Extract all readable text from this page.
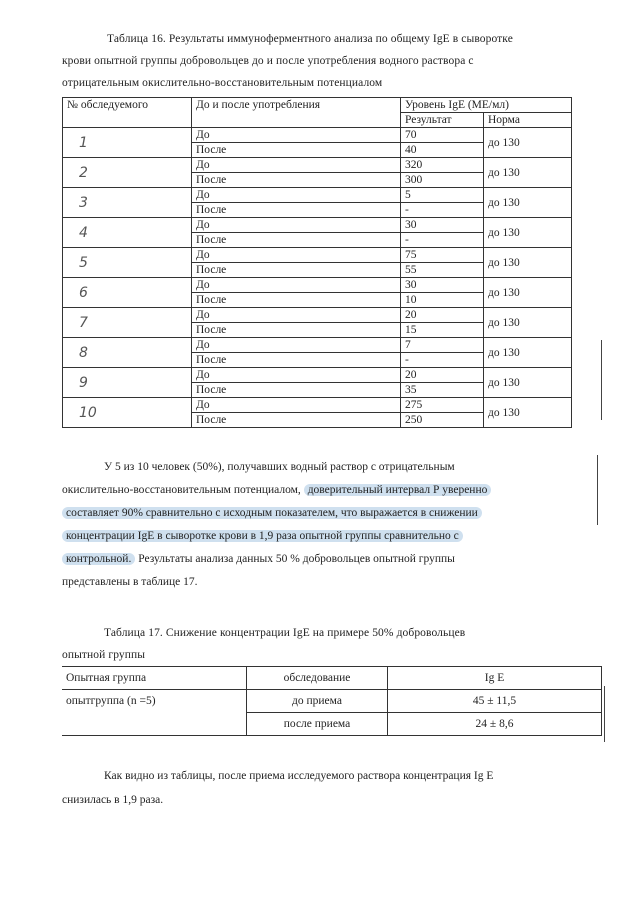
Таблица 16. Результаты иммуноферментного анализа по общему IgE в сыворотке
крови опытной группы добровольцев до и после употребления водного раствора с
отрицательным окислительно-восстановительным потенциалом
№ обследуемого	До и после употребления	Уровень IgE (МЕ/мл)	
		Результат	Норма
1	До	70	до 130
	После	40	
2	До	320	до 130
	После	300	
3	До	5	до 130
	После	-	
4	До	30	до 130
	После	-	
5	До	75	до 130
	После	55	
6	До	30	до 130
	После	10	
7	До	20	до 130
	После	15	
8	До	7	до 130
	После	-	
9	До	20	до 130
	После	35	
10	До	275	до 130
	После	250	
У 5 из 10 человек (50%), получавших водный раствор с отрицательным
окислительно-восстановительным потенциалом, доверительный интервал Р уверенно
составляет 90% сравнительно с исходным показателем, что выражается в снижении
концентрации IgE в сыворотке крови в 1,9 раза опытной группы сравнительно с
контрольной. Результаты анализа данных 50 % добровольцев опытной группы
представлены в таблице 17.
Таблица 17. Снижение концентрации IgE на примере 50% добровольцев
опытной группы
Опытная группа	обследование	Ig E
опытгруппа (n =5)	до приема	45 ± 11,5
	после приема	24 ± 8,6
Как видно из таблицы, после приема исследуемого раствора концентрация Ig E
снизилась в 1,9 раза.
